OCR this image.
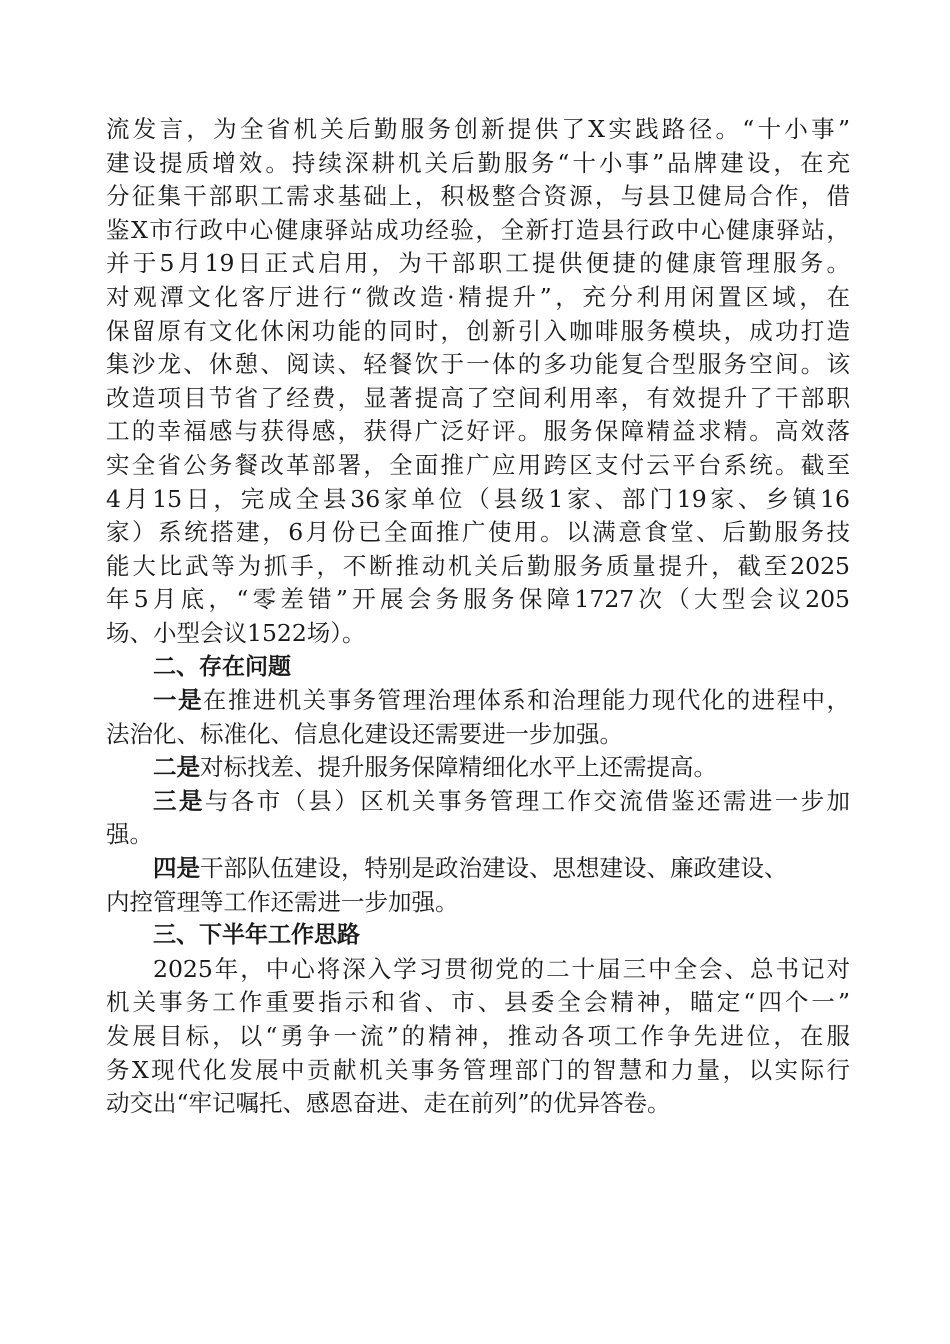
流发言，为全省机关后勤服务创新提供了X实践路径。“十小事”
建设提质增效。持续深耕机关后勤服务“十小事”品牌建设，在充
分征集干部职工需求基础上，积极整合资源，与县卫健局合作，借
鉴X市行政中心健康驿站成功经验，全新打造县行政中心健康驿站，
并于5月19日正式启用，为干部职工提供便捷的健康管理服务。
对观潭文化客厅进行“微改造·精提升”，充分利用闲置区域，在
保留原有文化休闲功能的同时，创新引入咖啡服务模块，成功打造
集沙龙、休憩、阅读、轻餐饮于一体的多功能复合型服务空间。该
改造项目节省了经费，显著提高了空间利用率，有效提升了干部职
工的幸福感与获得感，获得广泛好评。服务保障精益求精。高效落
实全省公务餐改革部署，全面推广应用跨区支付云平台系统。截至
4月15日，完成全县36家单位（县级1家、部门19家、乡镇16
家）系统搭建，6月份已全面推广使用。以满意食堂、后勤服务技
能大比武等为抓手，不断推动机关后勤服务质量提升，截至2025
年5月底，“零差错”开展会务服务保障1727次（大型会议205
场、小型会议1522场）。
二、存在问题
一是在推进机关事务管理治理体系和治理能力现代化的进程中，
法治化、标准化、信息化建设还需要进一步加强。
二是对标找差、提升服务保障精细化水平上还需提高。
三是与各市（县）区机关事务管理工作交流借鉴还需进一步加
强。
四是干部队伍建设，特别是政治建设、思想建设、廉政建设、
内控管理等工作还需进一步加强。
三、下半年工作思路
2025年，中心将深入学习贯彻党的二十届三中全会、总书记对
机关事务工作重要指示和省、市、县委全会精神，瞄定“四个一”
发展目标，以“勇争一流”的精神，推动各项工作争先进位，在服
务X现代化发展中贡献机关事务管理部门的智慧和力量，以实际行
动交出“牢记嘱托、感恩奋进、走在前列”的优异答卷。
